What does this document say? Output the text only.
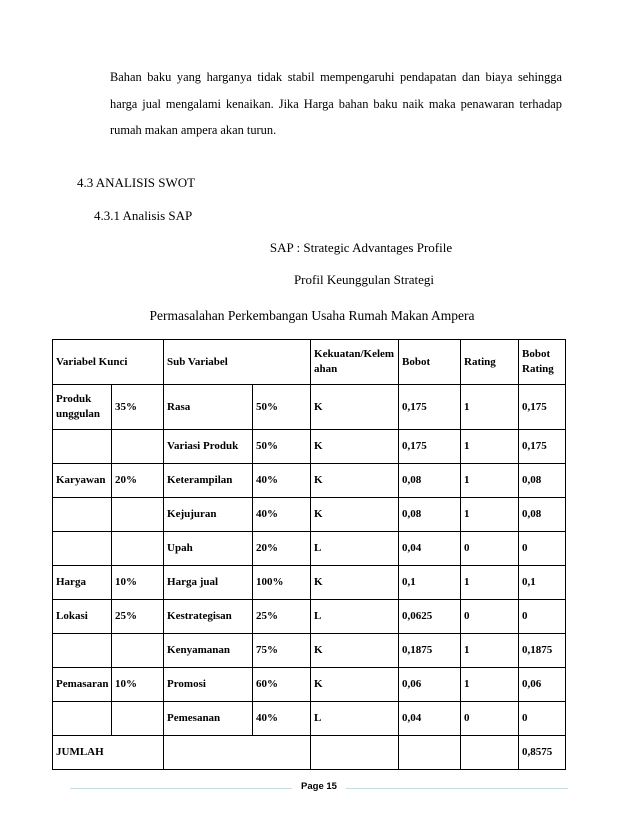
Bahan baku yang harganya tidak stabil mempengaruhi pendapatan dan biaya sehingga harga jual mengalami kenaikan. Jika Harga bahan baku naik maka penawaran terhadap rumah makan ampera akan turun.

4.3 ANALISIS SWOT
4.3.1 Analisis SAP

SAP : Strategic Advantages Profile

Profil Keunggulan Strategi

Permasalahan Perkembangan Usaha Rumah Makan Ampera

Variabel Kunci		Sub Variabel		Kekuatan/Kelem ahan	Bobot	Rating	Bobot Rating
Produk unggulan	35%	Rasa	50%	K	0,175	1	0,175
		Variasi Produk	50%	K	0,175	1	0,175
Karyawan	20%	Keterampilan	40%	K	0,08	1	0,08
		Kejujuran	40%	K	0,08	1	0,08
		Upah	20%	L	0,04	0	0
Harga	10%	Harga jual	100%	K	0,1	1	0,1
Lokasi	25%	Kestrategisan	25%	L	0,0625	0	0
		Kenyamanan	75%	K	0,1875	1	0,1875
Pemasaran	10%	Promosi	60%	K	0,06	1	0,06
		Pemesanan	40%	L	0,04	0	0
JUMLAH							0,8575
Page 15
